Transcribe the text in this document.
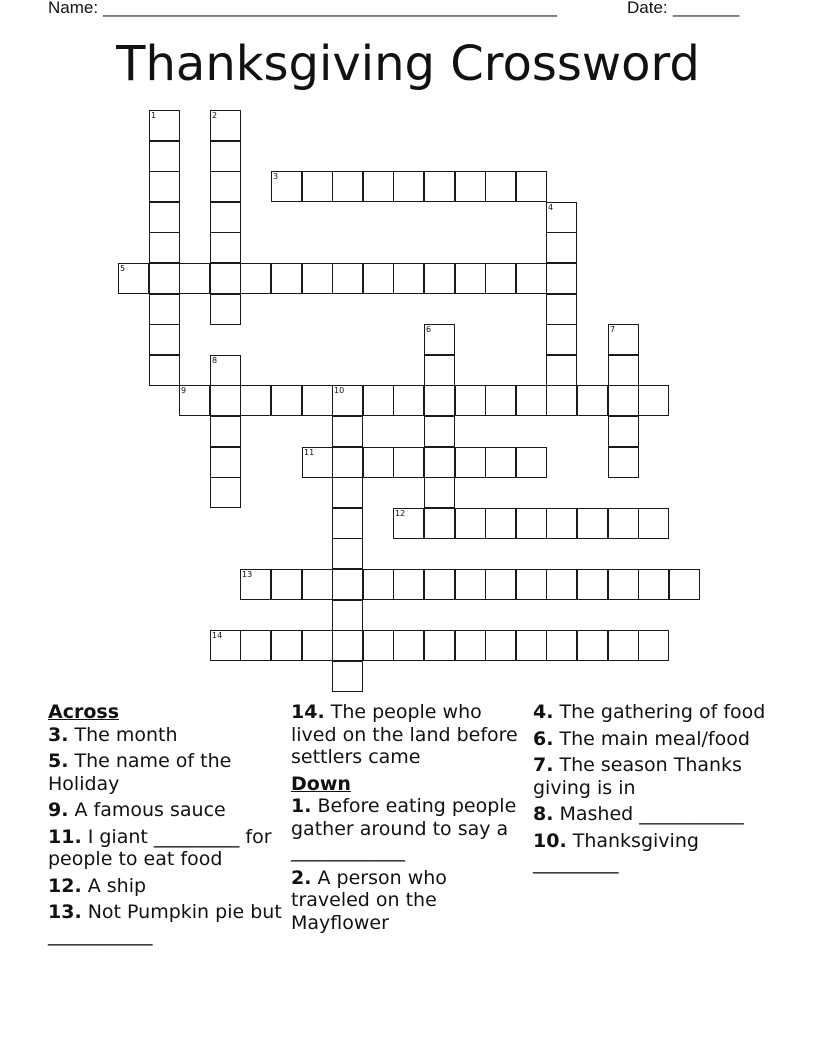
Name: ________________________________________________	Date: _______
Thanksgiving Crossword
1	2
3
4
5
6	7
8
9	10
11
12
13
14
Across
3. The month
5. The name of the Holiday
9. A famous sauce
11. I giant _________ for people to eat food
12. A ship
13. Not Pumpkin pie but ___________
14. The people who lived on the land before settlers came
Down
1. Before eating people gather around to say a ____________
2. A person who traveled on the Mayflower
4. The gathering of food
6. The main meal/food
7. The season Thanks giving is in
8. Mashed ___________
10. Thanksgiving _________
